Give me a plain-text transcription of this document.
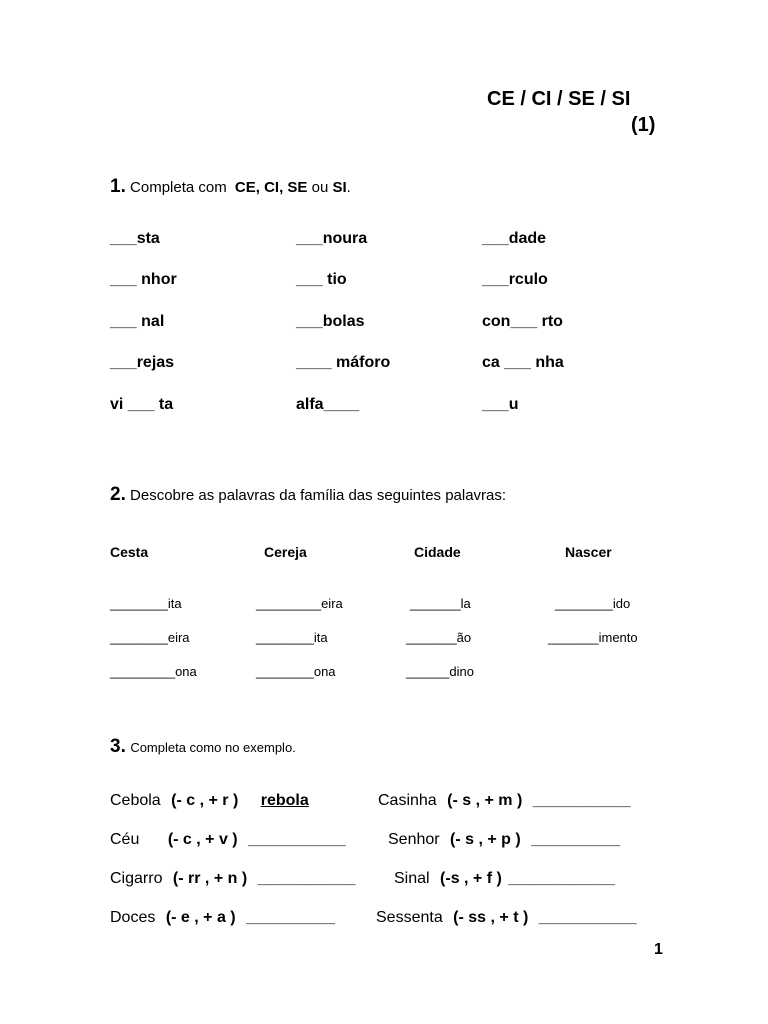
CE / CI / SE / SI
(1)
1. Completa com CE, CI, SE ou SI.
___sta	___noura	___dade
___ nhor	___ tio	___rculo
___ nal	___bolas	con___ rto
___rejas	____ máforo	ca ___ nha
vi ___ ta	alfa____	___u
2. Descobre as palavras da família das seguintes palavras:
Cesta	Cereja	Cidade	Nascer
________ita	_________eira	_______la	________ido
________eira	________ita	_______ão	_______imento
_________ona	________ona	______dino
3. Completa como no exemplo.
Cebola (- c , + r ) rebola	Casinha (- s , + m ) ___________
Céu (- c , + v ) ___________	Senhor (- s , + p ) __________
Cigarro (- rr , + n ) ___________ Sinal (-s , + f ) ____________
Doces (- e , + a ) __________	Sessenta (- ss , + t ) ___________
1
